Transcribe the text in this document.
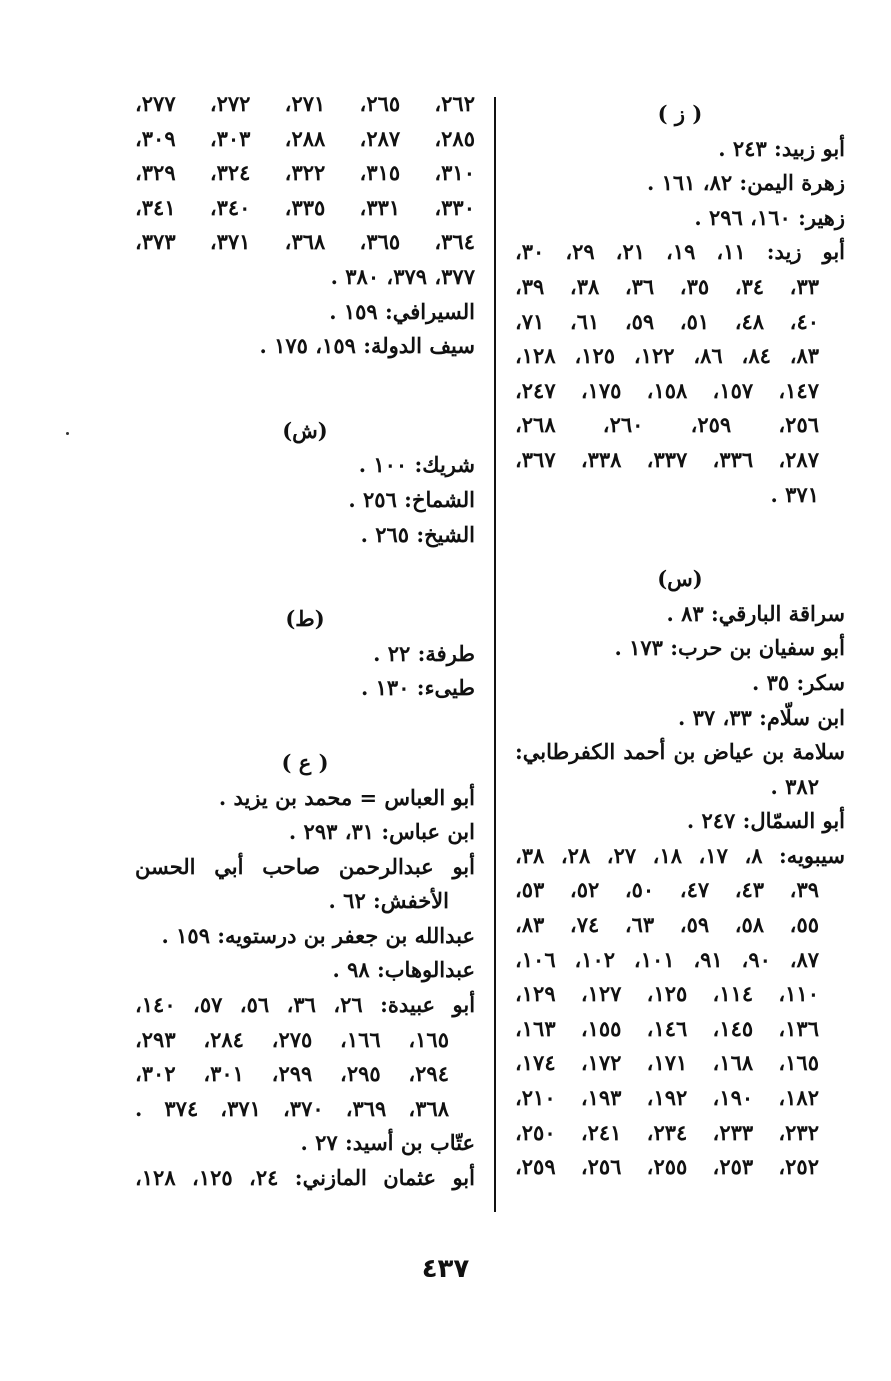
( ز )
أبو زبيد: ٢٤٣ .
زهرة اليمن: ٨٢، ١٦١ .
زهير: ١٦٠، ٢٩٦ .
أبو زيد: ١١، ١٩، ٢١، ٢٩، ٣٠،
٣٣، ٣٤، ٣٥، ٣٦، ٣٨، ٣٩،
٤٠، ٤٨، ٥١، ٥٩، ٦١، ٧١،
٨٣، ٨٤، ٨٦، ١٢٢، ١٢٥، ١٢٨،
١٤٧، ١٥٧، ١٥٨، ١٧٥، ٢٤٧،
٢٥٦، ٢٥٩، ٢٦٠، ٢٦٨،
٢٨٧، ٣٣٦، ٣٣٧، ٣٣٨، ٣٦٧،
٣٧١ .
(س)
سراقة البارقي: ٨٣ .
أبو سفيان بن حرب: ١٧٣ .
سكر: ٣٥ .
ابن سلّام: ٣٣، ٣٧ .
سلامة بن عياض بن أحمد الكفرطابي:
٣٨٢ .
أبو السمّال: ٢٤٧ .
سيبويه: ٨، ١٧، ١٨، ٢٧، ٢٨، ٣٨،
٣٩، ٤٣، ٤٧، ٥٠، ٥٢، ٥٣،
٥٥، ٥٨، ٥٩، ٦٣، ٧٤، ٨٣،
٨٧، ٩٠، ٩١، ١٠١، ١٠٢، ١٠٦،
١١٠، ١١٤، ١٢٥، ١٢٧، ١٢٩،
١٣٦، ١٤٥، ١٤٦، ١٥٥، ١٦٣،
١٦٥، ١٦٨، ١٧١، ١٧٢، ١٧٤،
١٨٢، ١٩٠، ١٩٢، ١٩٣، ٢١٠،
٢٣٢، ٢٣٣، ٢٣٤، ٢٤١، ٢٥٠،
٢٥٢، ٢٥٣، ٢٥٥، ٢٥٦، ٢٥٩،
٢٦٢، ٢٦٥، ٢٧١، ٢٧٢، ٢٧٧،
٢٨٥، ٢٨٧، ٢٨٨، ٣٠٣، ٣٠٩،
٣١٠، ٣١٥، ٣٢٢، ٣٢٤، ٣٢٩،
٣٣٠، ٣٣١، ٣٣٥، ٣٤٠، ٣٤١،
٣٦٤، ٣٦٥، ٣٦٨، ٣٧١، ٣٧٣،
٣٧٧، ٣٧٩، ٣٨٠ .
السيرافي: ١٥٩ .
سيف الدولة: ١٥٩، ١٧٥ .
(ش)
شريك: ١٠٠ .
الشماخ: ٢٥٦ .
الشيخ: ٢٦٥ .
(ط)
طرفة: ٢٢ .
طيىء: ١٣٠ .
( ع )
أبو العباس = محمد بن يزيد .
ابن عباس: ٣١، ٢٩٣ .
أبو عبدالرحمن صاحب أبي الحسن
الأخفش: ٦٢ .
عبدالله بن جعفر بن درستويه: ١٥٩ .
عبدالوهاب: ٩٨ .
أبو عبيدة: ٢٦، ٣٦، ٥٦، ٥٧، ١٤٠،
١٦٥، ١٦٦، ٢٧٥، ٢٨٤، ٢٩٣،
٢٩٤، ٢٩٥، ٢٩٩، ٣٠١، ٣٠٢،
٣٦٨، ٣٦٩، ٣٧٠، ٣٧١، ٣٧٤ .
عتّاب بن أسيد: ٢٧ .
أبو عثمان المازني: ٢٤، ١٢٥، ١٢٨،
٤٣٧
